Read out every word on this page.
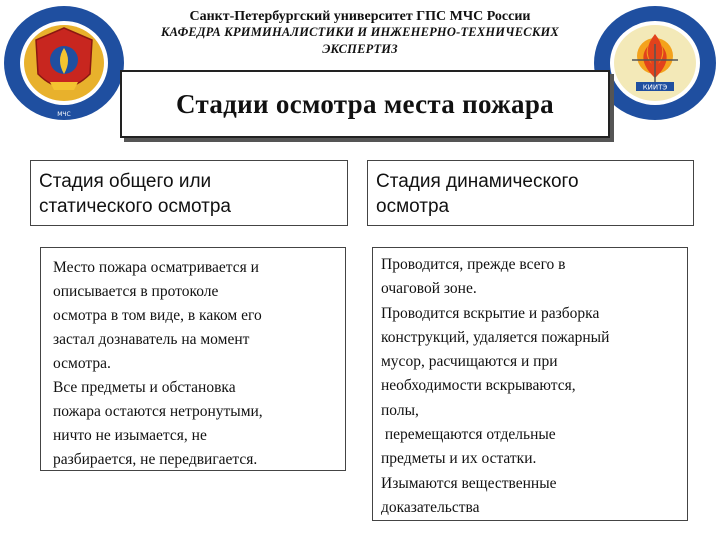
МЧС
КИИТЭ
Санкт-Петербургский университет ГПС МЧС России
КАФЕДРА КРИМИНАЛИСТИКИ И ИНЖЕНЕРНО-ТЕХНИЧЕСКИХ
ЭКСПЕРТИЗ
Стадии осмотра места пожара
Стадия общего или
статического осмотра
Стадия динамического
осмотра
Место пожара осматривается и
описывается в протоколе
осмотра в том виде, в каком его
застал дознаватель на момент
осмотра.
Все предметы и обстановка
пожара остаются нетронутыми,
ничто не изымается, не
разбирается, не передвигается.
Проводится, прежде всего в
очаговой зоне.
Проводится вскрытие и разборка
конструкций, удаляется пожарный
мусор, расчищаются и при
необходимости вскрываются,
полы,
перемещаются отдельные
предметы и их остатки.
Изымаются вещественные
доказательства
